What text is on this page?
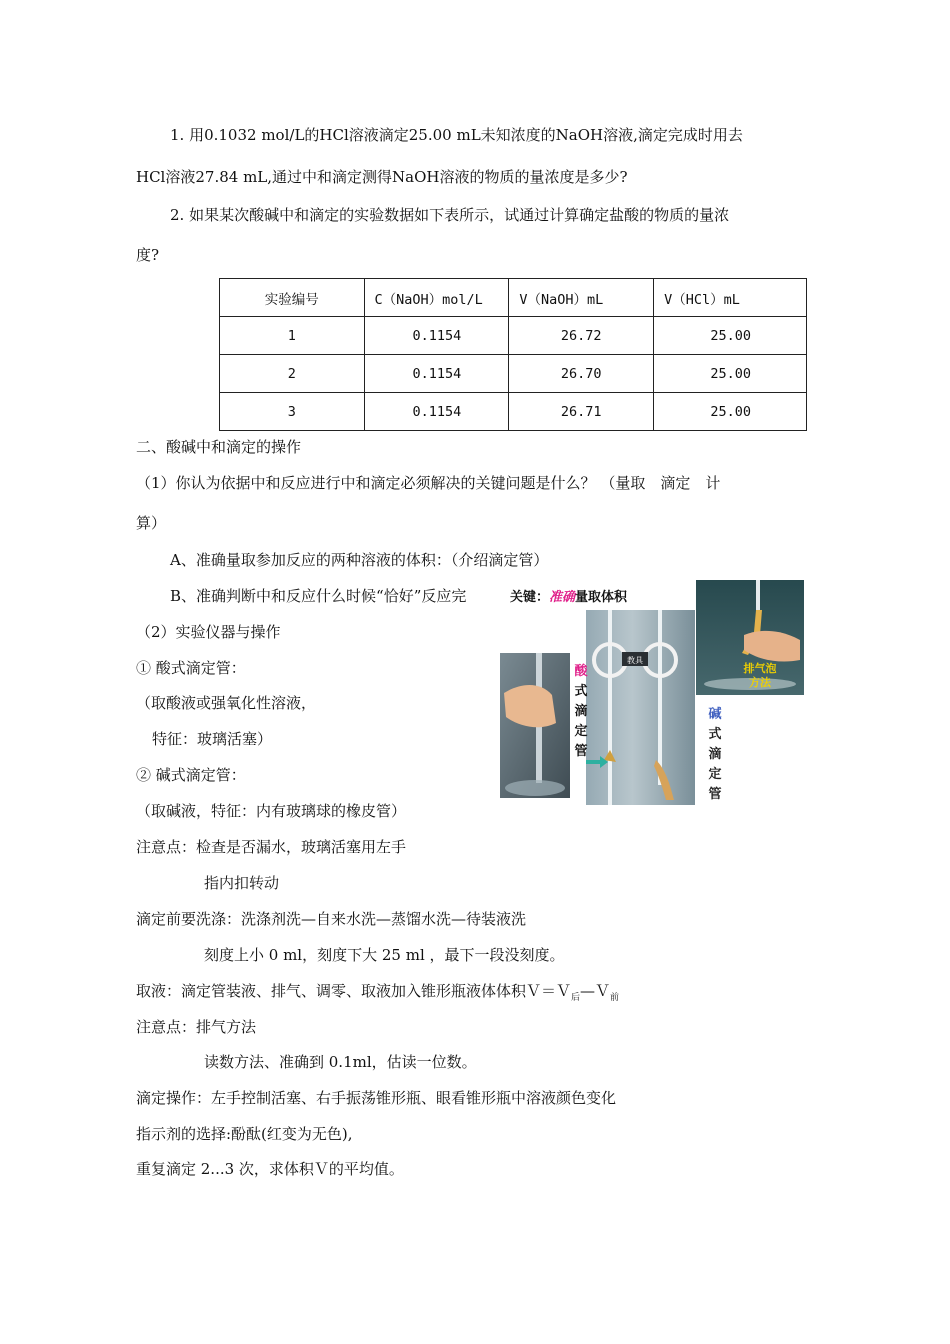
1. 用0.1032 mol/L的HCl溶液滴定25.00 mL未知浓度的NaOH溶液,滴定完成时用去
HCl溶液27.84 mL,通过中和滴定测得NaOH溶液的物质的量浓度是多少?
2. 如果某次酸碱中和滴定的实验数据如下表所示，试通过计算确定盐酸的物质的量浓
度?
实验编号	C（NaOH）mol/L	V（NaOH）mL	V（HCl）mL
1	0.1154	26.72	25.00
2	0.1154	26.70	25.00
3	0.1154	26.71	25.00
二、酸碱中和滴定的操作
（1）你认为依据中和反应进行中和滴定必须解决的关键问题是什么？ （量取　滴定　计
算）
A、准确量取参加反应的两种溶液的体积：（介绍滴定管）
B、准确判断中和反应什么时候“恰好”反应完
（2）实验仪器与操作
① 酸式滴定管：
（取酸液或强氧化性溶液，
特征：玻璃活塞）
② 碱式滴定管：
（取碱液，特征：内有玻璃球的橡皮管）
注意点：检查是否漏水，玻璃活塞用左手
指内扣转动
滴定前要洗涤：洗涤剂洗—自来水洗—蒸馏水洗—待装液洗
刻度上小 0 ml，刻度下大 25 ml ，最下一段没刻度。
取液：滴定管装液、排气、调零、取液加入锥形瓶液体体积Ｖ＝Ｖ$_后$—Ｖ$_前$
注意点：排气方法
读数方法、准确到 0.1ml，估读一位数。
滴定操作：左手控制活塞、右手振荡锥形瓶、眼看锥形瓶中溶液颜色变化
指示剂的选择:酚酞(红变为无色),
重复滴定 2...3 次，求体积Ｖ的平均值。
关键：准确量取体积
教具
酸
式
滴
定
管
排气泡
方法
碱
式
滴
定
管
